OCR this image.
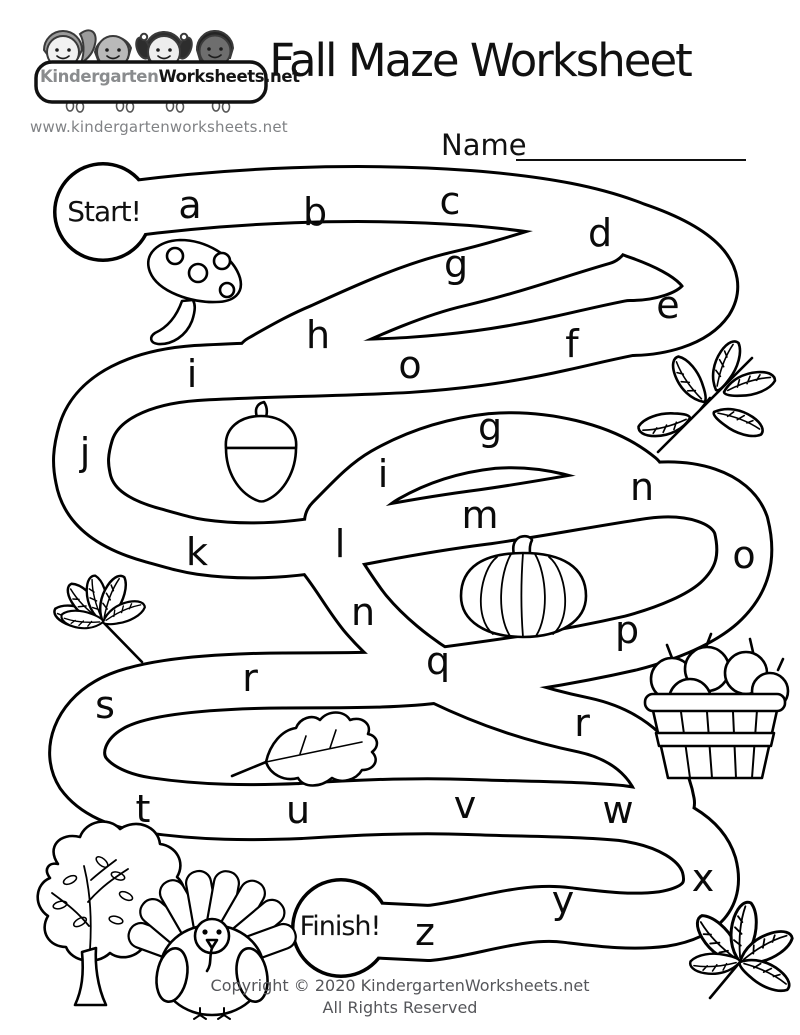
a	b	c
d
e
f
g
h
o
i
j
g
i
k	l
m
n
o
n	p
q
r
s	r
t	u	v	w
x
y
z
KindergartenWorksheets.net
www.kindergartenworksheets.net
Fall Maze Worksheet
Name
Start!
Finish!
Copyright © 2020 KindergartenWorksheets.net
All Rights Reserved
